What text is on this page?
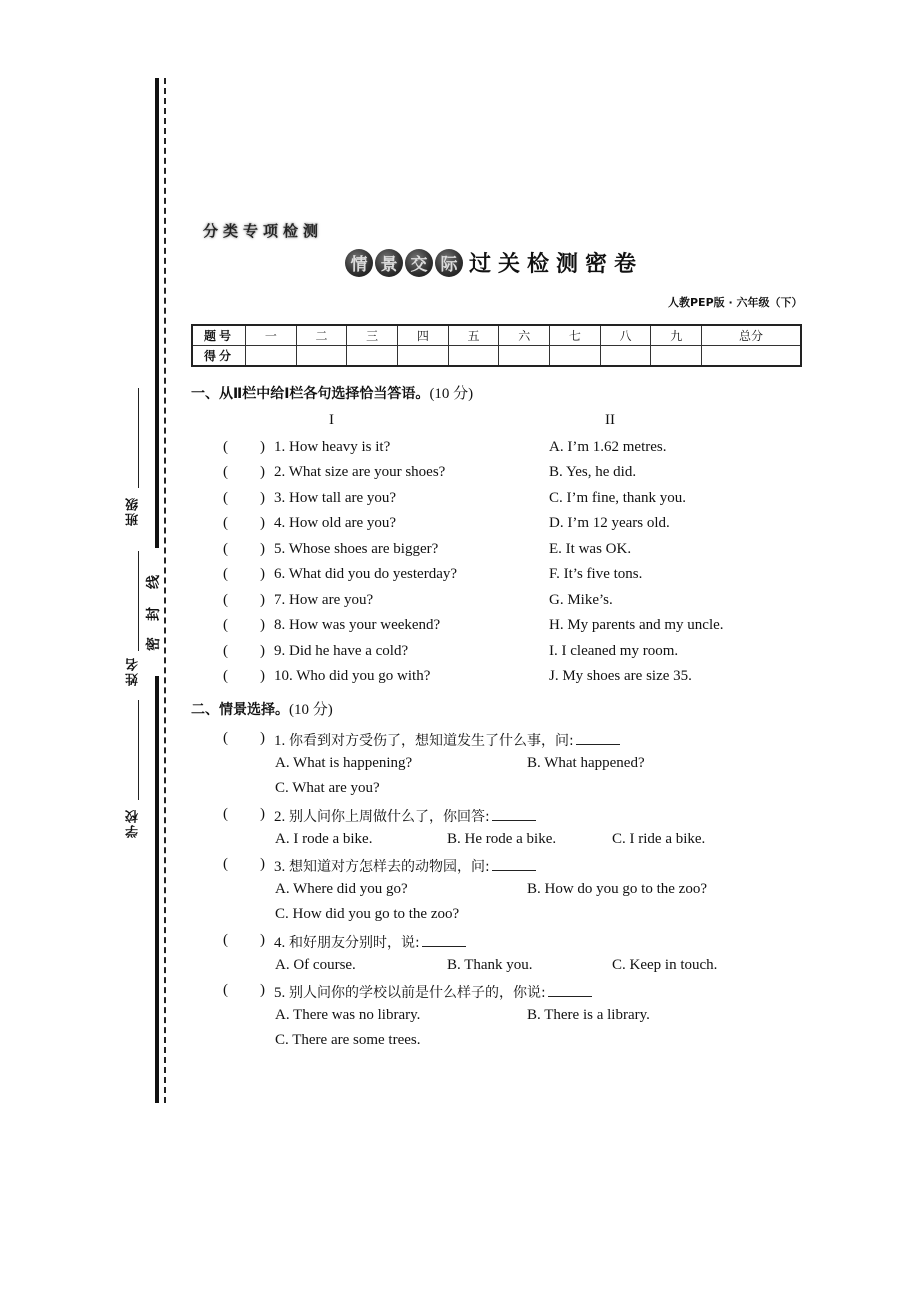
班级
姓名
学校
密
封
线
分类专项检测
情 景 交 际 过关检测密卷
人教PEP版 · 六年级（下）
题号	一	二	三	四	五	六	七	八	九	总分
得分										
一、从Ⅱ栏中给Ⅰ栏各句选择恰当答语。(10 分)
I	II
( ) 1. How heavy is it?	A. I’m 1.62 metres.
( ) 2. What size are your shoes?	B. Yes, he did.
( ) 3. How tall are you?	C. I’m fine, thank you.
( ) 4. How old are you?	D. I’m 12 years old.
( ) 5. Whose shoes are bigger?	E. It was OK.
( ) 6. What did you do yesterday?	F. It’s five tons.
( ) 7. How are you?	G. Mike’s.
( ) 8. How was your weekend?	H. My parents and my uncle.
( ) 9. Did he have a cold?	I. I cleaned my room.
( ) 10. Who did you go with?	J. My shoes are size 35.
二、情景选择。(10 分)
( ) 1. 你看到对方受伤了，想知道发生了什么事，问:
A. What is happening?	B. What happened?
C. What are you?
( ) 2. 别人问你上周做什么了，你回答:
A. I rode a bike.	B. He rode a bike.	C. I ride a bike.
( ) 3. 想知道对方怎样去的动物园，问:
A. Where did you go?	B. How do you go to the zoo?
C. How did you go to the zoo?
( ) 4. 和好朋友分别时，说:
A. Of course.	B. Thank you.	C. Keep in touch.
( ) 5. 别人问你的学校以前是什么样子的，你说:
A. There was no library.	B. There is a library.
C. There are some trees.
